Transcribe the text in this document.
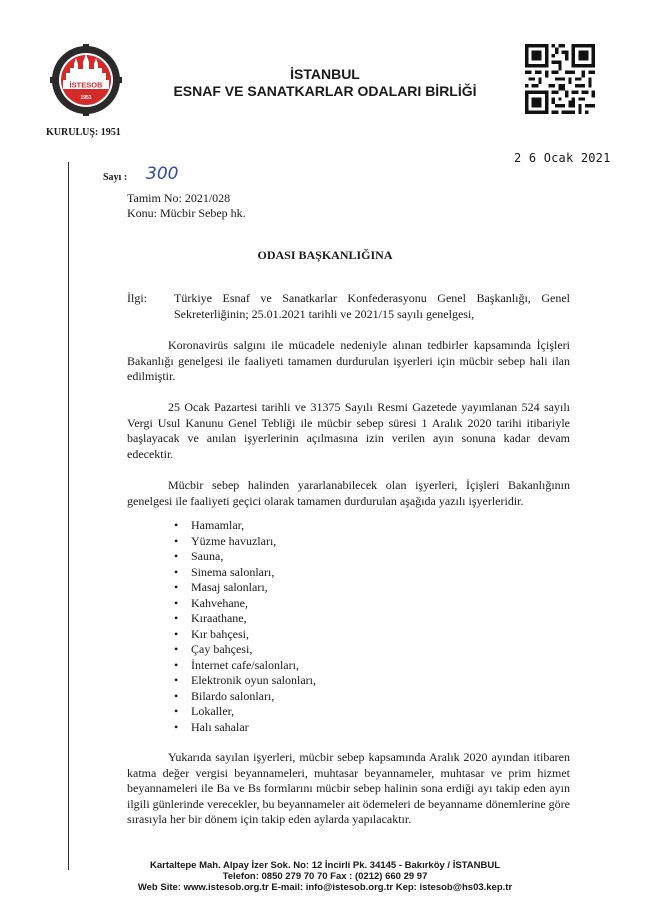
İSTESOB
1951
KURULUŞ: 1951
İSTANBUL
ESNAF VE SANATKARLAR ODALARI BİRLİĞİ
2 6 Ocak 2021
Sayı : 300
Tamim No: 2021/028
Konu: Mücbir Sebep hk.
ODASI BAŞKANLIĞINA
İlgi: Türkiye Esnaf ve Sanatkarlar Konfederasyonu Genel Başkanlığı, Genel Sekreterliğinin; 25.01.2021 tarihli ve 2021/15 sayılı genelgesi,
Koronavirüs salgını ile mücadele nedeniyle alınan tedbirler kapsamında İçişleri Bakanlığı genelgesi ile faaliyeti tamamen durdurulan işyerleri için mücbir sebep hali ilan edilmiştir.
25 Ocak Pazartesi tarihli ve 31375 Sayılı Resmi Gazetede yayımlanan 524 sayılı Vergi Usul Kanunu Genel Tebliği ile mücbir sebep süresi 1 Aralık 2020 tarihi itibariyle başlayacak ve anılan işyerlerinin açılmasına izin verilen ayın sonuna kadar devam edecektir.
Mücbir sebep halinden yararlanabilecek olan işyerleri, İçişleri Bakanlığının genelgesi ile faaliyeti geçici olarak tamamen durdurulan aşağıda yazılı işyerleridir.
• Hamamlar,
• Yüzme havuzları,
• Sauna,
• Sinema salonları,
• Masaj salonları,
• Kahvehane,
• Kıraathane,
• Kır bahçesi,
• Çay bahçesi,
• İnternet cafe/salonları,
• Elektronik oyun salonları,
• Bilardo salonları,
• Lokaller,
• Halı sahalar
Yukarıda sayılan işyerleri, mücbir sebep kapsamında Aralık 2020 ayından itibaren katma değer vergisi beyannameleri, muhtasar beyannameler, muhtasar ve prim hizmet beyannameleri ile Ba ve Bs formlarını mücbir sebep halinin sona erdiği ayı takip eden ayın ilgili günlerinde verecekler, bu beyannameler ait ödemeleri de beyanname dönemlerine göre sırasıyla her bir dönem için takip eden aylarda yapılacaktır.
Kartaltepe Mah. Alpay İzer Sok. No: 12 İncirli Pk. 34145 - Bakırköy / İSTANBUL
Telefon: 0850 279 70 70 Fax : (0212) 660 29 97
Web Site: www.istesob.org.tr E-mail: info@istesob.org.tr Kep: istesob@hs03.kep.tr
